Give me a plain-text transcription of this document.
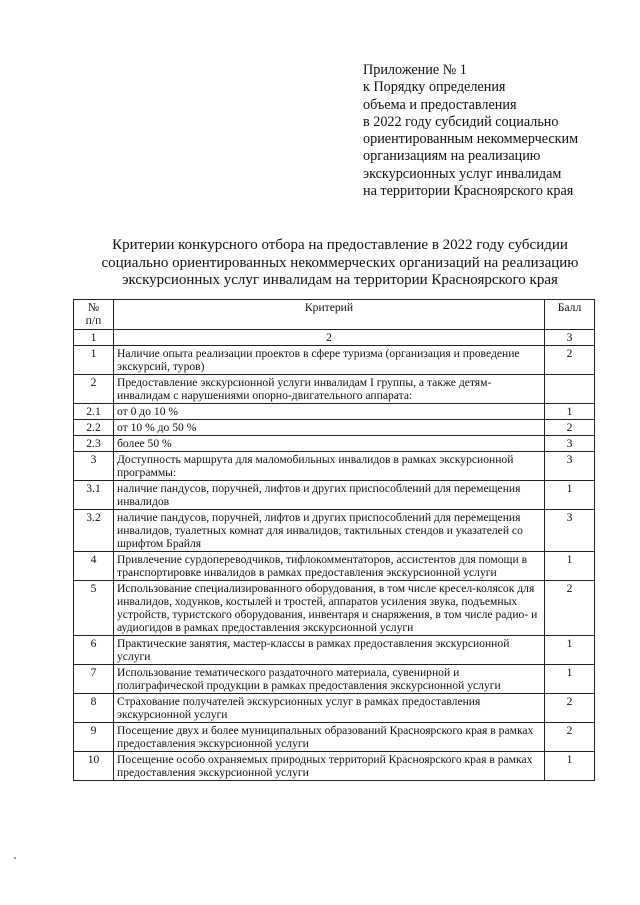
Приложение № 1
к Порядку определения
объема и предоставления
в 2022 году субсидий социально
ориентированным некоммерческим
организациям на реализацию
экскурсионных услуг инвалидам
на территории Красноярского края
Критерии конкурсного отбора на предоставление в 2022 году субсидии
социально ориентированных некоммерческих организаций на реализацию
экскурсионных услуг инвалидам на территории Красноярского края
№
п/п	Критерий	Балл
1	2	3
1	Наличие опыта реализации проектов в сфере туризма (организация и проведение экскурсий, туров)	2
2	Предоставление экскурсионной услуги инвалидам I группы, а также детям-инвалидам с нарушениями опорно-двигательного аппарата:	
2.1	от 0 до 10 %	1
2.2	от 10 % до 50 %	2
2.3	более 50 %	3
3	Доступность маршрута для маломобильных инвалидов в рамках экскурсионной программы:	3
3.1	наличие пандусов, поручней, лифтов и других приспособлений для перемещения инвалидов	1
3.2	наличие пандусов, поручней, лифтов и других приспособлений для перемещения инвалидов, туалетных комнат для инвалидов, тактильных стендов и указателей со шрифтом Брайля	3
4	Привлечение сурдопереводчиков, тифлокомментаторов, ассистентов для помощи в транспортировке инвалидов в рамках предоставления экскурсионной услуги	1
5	Использование специализированного оборудования, в том числе кресел-колясок для инвалидов, ходунков, костылей и тростей, аппаратов усиления звука, подъемных устройств, туристского оборудования, инвентаря и снаряжения, в том числе радио- и аудиогидов в рамках предоставления экскурсионной услуги	2
6	Практические занятия, мастер-классы в рамках предоставления экскурсионной услуги	1
7	Использование тематического раздаточного материала, сувенирной и полиграфической продукции в рамках предоставления экскурсионной услуги	1
8	Страхование получателей экскурсионных услуг в рамках предоставления экскурсионной услуги	2
9	Посещение двух и более муниципальных образований Красноярского края в рамках предоставления экскурсионной услуги	2
10	Посещение особо охраняемых природных территорий Красноярского края в рамках предоставления экскурсионной услуги	1
